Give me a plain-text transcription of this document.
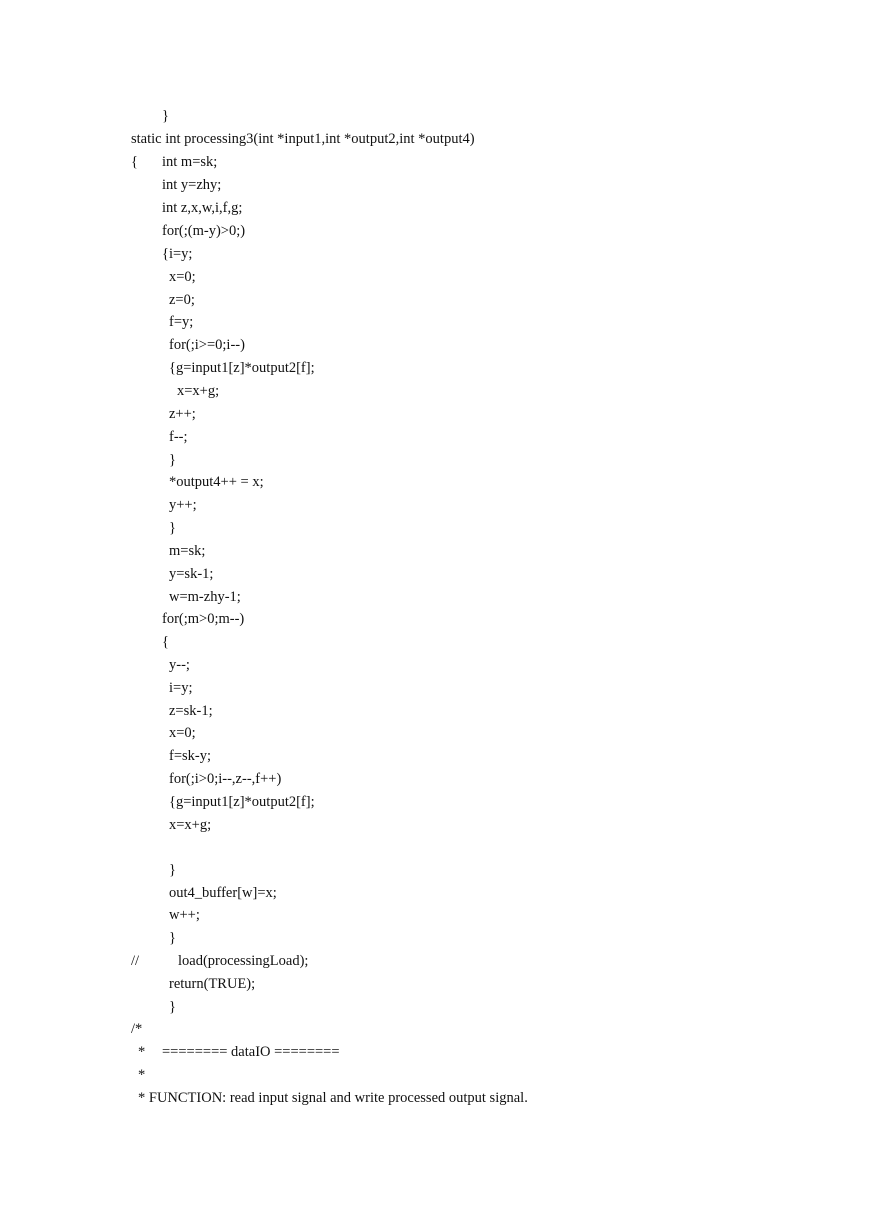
}
static int processing3(int *input1,int *output2,int *output4)
{ int m=sk;
int y=zhy;
int z,x,w,i,f,g;
for(;(m-y)>0;)
{i=y;
x=0;
z=0;
f=y;
for(;i>=0;i--)
{g=input1[z]*output2[f];
x=x+g;
z++;
f--;
}
*output4++ = x;
y++;
}
m=sk;
y=sk-1;
w=m-zhy-1;
for(;m>0;m--)
{
y--;
i=y;
z=sk-1;
x=0;
f=sk-y;
for(;i>0;i--,z--,f++)
{g=input1[z]*output2[f];
x=x+g;
}
out4_buffer[w]=x;
w++;
}
//	load(processingLoad);
return(TRUE);
}
/*
* ======== dataIO ========
*
* FUNCTION: read input signal and write processed output signal.
